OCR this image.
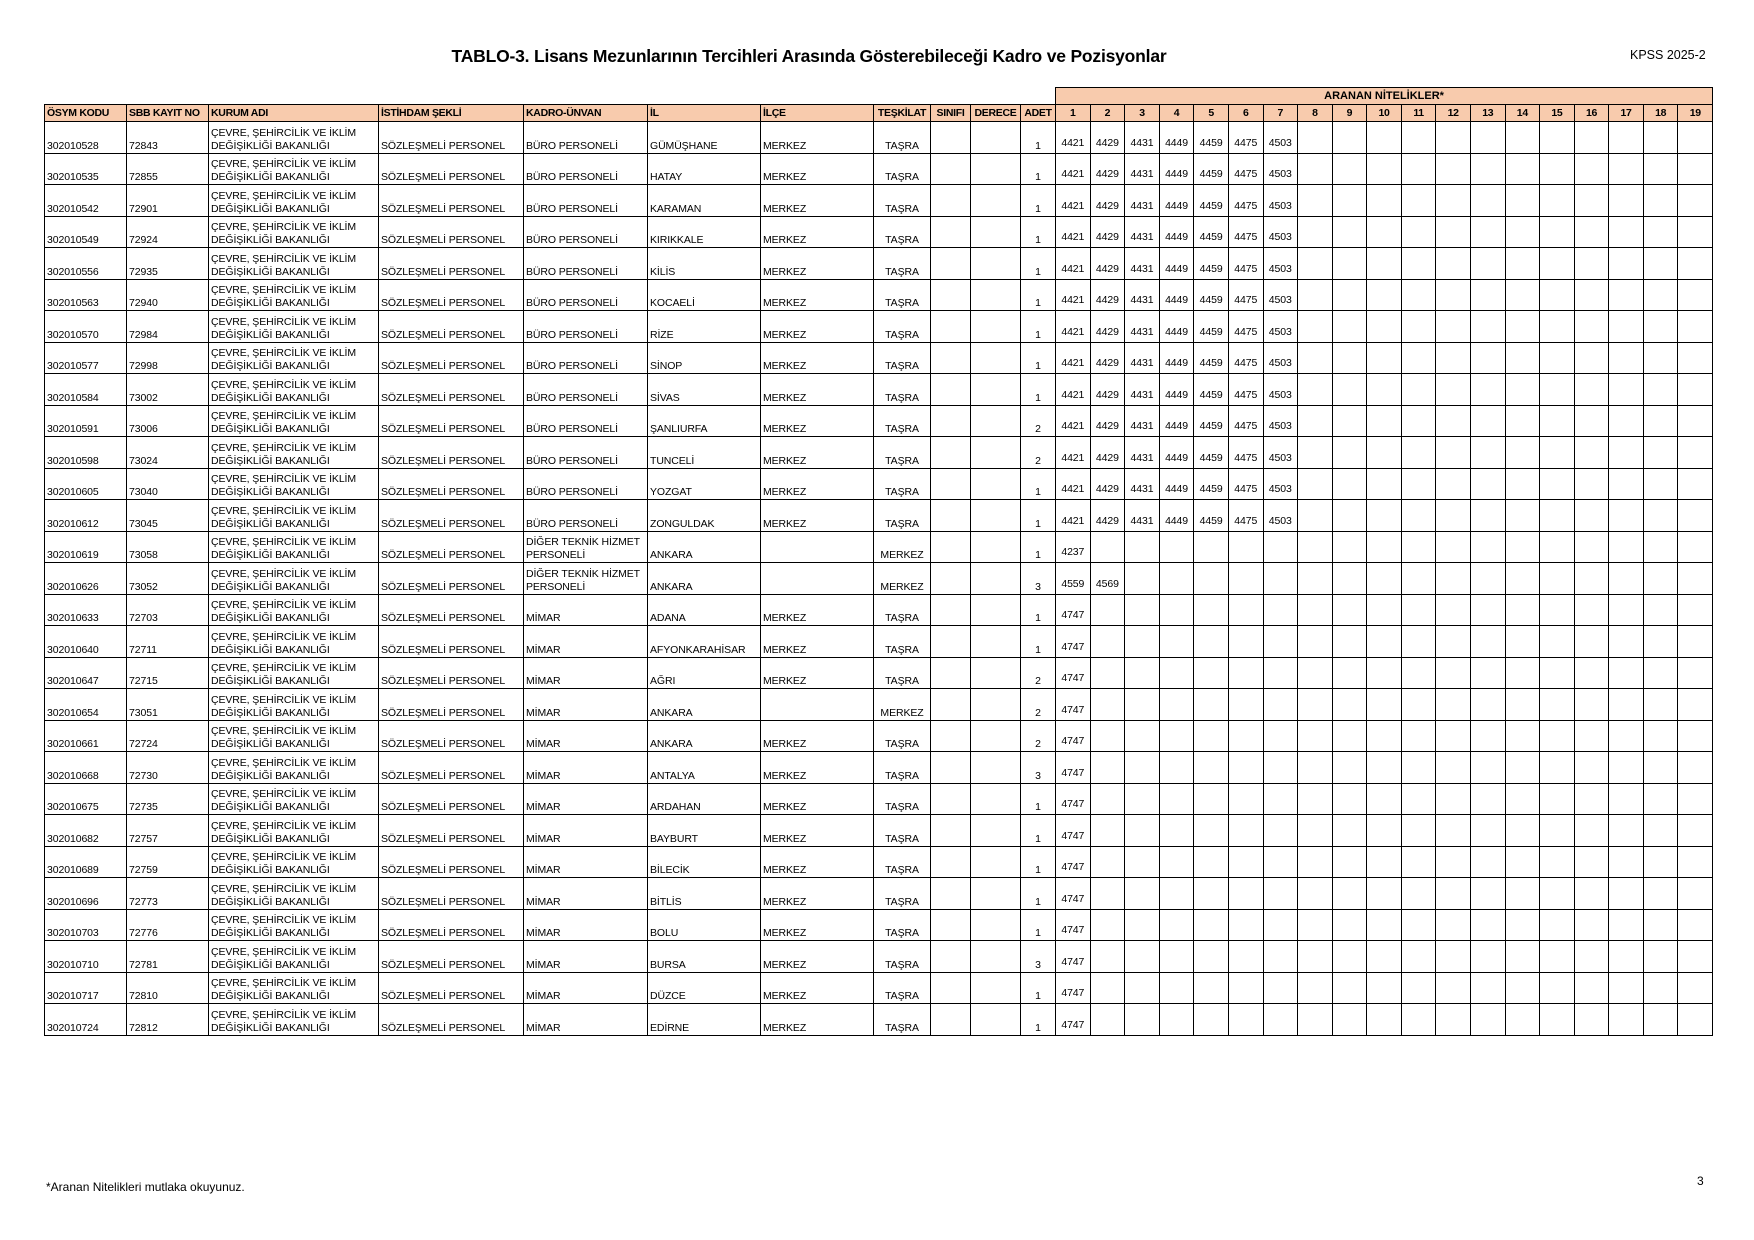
TABLO-3. Lisans Mezunlarının Tercihleri Arasında Gösterebileceği Kadro ve Pozisyonlar	KPSS 2025-2
											ARANAN NİTELİKLER*																		
ÖSYM KODU	SBB KAYIT NO	KURUM ADI	İSTİHDAM ŞEKLİ	KADRO-ÜNVAN	İL	İLÇE	TEŞKİLAT	SINIFI	DERECE	ADET	1	2	3	4	5	6	7	8	9	10	11	12	13	14	15	16	17	18	19
302010528	72843	ÇEVRE, ŞEHİRCİLİK VE İKLİM DEĞİŞİKLİĞİ BAKANLIĞI	SÖZLEŞMELİ PERSONEL	BÜRO PERSONELİ	GÜMÜŞHANE	MERKEZ	TAŞRA			1	4421	4429	4431	4449	4459	4475	4503												
302010535	72855	ÇEVRE, ŞEHİRCİLİK VE İKLİM DEĞİŞİKLİĞİ BAKANLIĞI	SÖZLEŞMELİ PERSONEL	BÜRO PERSONELİ	HATAY	MERKEZ	TAŞRA			1	4421	4429	4431	4449	4459	4475	4503												
302010542	72901	ÇEVRE, ŞEHİRCİLİK VE İKLİM DEĞİŞİKLİĞİ BAKANLIĞI	SÖZLEŞMELİ PERSONEL	BÜRO PERSONELİ	KARAMAN	MERKEZ	TAŞRA			1	4421	4429	4431	4449	4459	4475	4503												
302010549	72924	ÇEVRE, ŞEHİRCİLİK VE İKLİM DEĞİŞİKLİĞİ BAKANLIĞI	SÖZLEŞMELİ PERSONEL	BÜRO PERSONELİ	KIRIKKALE	MERKEZ	TAŞRA			1	4421	4429	4431	4449	4459	4475	4503												
302010556	72935	ÇEVRE, ŞEHİRCİLİK VE İKLİM DEĞİŞİKLİĞİ BAKANLIĞI	SÖZLEŞMELİ PERSONEL	BÜRO PERSONELİ	KİLİS	MERKEZ	TAŞRA			1	4421	4429	4431	4449	4459	4475	4503												
302010563	72940	ÇEVRE, ŞEHİRCİLİK VE İKLİM DEĞİŞİKLİĞİ BAKANLIĞI	SÖZLEŞMELİ PERSONEL	BÜRO PERSONELİ	KOCAELİ	MERKEZ	TAŞRA			1	4421	4429	4431	4449	4459	4475	4503												
302010570	72984	ÇEVRE, ŞEHİRCİLİK VE İKLİM DEĞİŞİKLİĞİ BAKANLIĞI	SÖZLEŞMELİ PERSONEL	BÜRO PERSONELİ	RİZE	MERKEZ	TAŞRA			1	4421	4429	4431	4449	4459	4475	4503												
302010577	72998	ÇEVRE, ŞEHİRCİLİK VE İKLİM DEĞİŞİKLİĞİ BAKANLIĞI	SÖZLEŞMELİ PERSONEL	BÜRO PERSONELİ	SİNOP	MERKEZ	TAŞRA			1	4421	4429	4431	4449	4459	4475	4503												
302010584	73002	ÇEVRE, ŞEHİRCİLİK VE İKLİM DEĞİŞİKLİĞİ BAKANLIĞI	SÖZLEŞMELİ PERSONEL	BÜRO PERSONELİ	SİVAS	MERKEZ	TAŞRA			1	4421	4429	4431	4449	4459	4475	4503												
302010591	73006	ÇEVRE, ŞEHİRCİLİK VE İKLİM DEĞİŞİKLİĞİ BAKANLIĞI	SÖZLEŞMELİ PERSONEL	BÜRO PERSONELİ	ŞANLIURFA	MERKEZ	TAŞRA			2	4421	4429	4431	4449	4459	4475	4503												
302010598	73024	ÇEVRE, ŞEHİRCİLİK VE İKLİM DEĞİŞİKLİĞİ BAKANLIĞI	SÖZLEŞMELİ PERSONEL	BÜRO PERSONELİ	TUNCELİ	MERKEZ	TAŞRA			2	4421	4429	4431	4449	4459	4475	4503												
302010605	73040	ÇEVRE, ŞEHİRCİLİK VE İKLİM DEĞİŞİKLİĞİ BAKANLIĞI	SÖZLEŞMELİ PERSONEL	BÜRO PERSONELİ	YOZGAT	MERKEZ	TAŞRA			1	4421	4429	4431	4449	4459	4475	4503												
302010612	73045	ÇEVRE, ŞEHİRCİLİK VE İKLİM DEĞİŞİKLİĞİ BAKANLIĞI	SÖZLEŞMELİ PERSONEL	BÜRO PERSONELİ	ZONGULDAK	MERKEZ	TAŞRA			1	4421	4429	4431	4449	4459	4475	4503												
302010619	73058	ÇEVRE, ŞEHİRCİLİK VE İKLİM DEĞİŞİKLİĞİ BAKANLIĞI	SÖZLEŞMELİ PERSONEL	DİĞER TEKNİK HİZMET PERSONELİ	ANKARA		MERKEZ			1	4237																		
302010626	73052	ÇEVRE, ŞEHİRCİLİK VE İKLİM DEĞİŞİKLİĞİ BAKANLIĞI	SÖZLEŞMELİ PERSONEL	DİĞER TEKNİK HİZMET PERSONELİ	ANKARA		MERKEZ			3	4559	4569																	
302010633	72703	ÇEVRE, ŞEHİRCİLİK VE İKLİM DEĞİŞİKLİĞİ BAKANLIĞI	SÖZLEŞMELİ PERSONEL	MİMAR	ADANA	MERKEZ	TAŞRA			1	4747																		
302010640	72711	ÇEVRE, ŞEHİRCİLİK VE İKLİM DEĞİŞİKLİĞİ BAKANLIĞI	SÖZLEŞMELİ PERSONEL	MİMAR	AFYONKARAHİSAR	MERKEZ	TAŞRA			1	4747																		
302010647	72715	ÇEVRE, ŞEHİRCİLİK VE İKLİM DEĞİŞİKLİĞİ BAKANLIĞI	SÖZLEŞMELİ PERSONEL	MİMAR	AĞRI	MERKEZ	TAŞRA			2	4747																		
302010654	73051	ÇEVRE, ŞEHİRCİLİK VE İKLİM DEĞİŞİKLİĞİ BAKANLIĞI	SÖZLEŞMELİ PERSONEL	MİMAR	ANKARA		MERKEZ			2	4747																		
302010661	72724	ÇEVRE, ŞEHİRCİLİK VE İKLİM DEĞİŞİKLİĞİ BAKANLIĞI	SÖZLEŞMELİ PERSONEL	MİMAR	ANKARA	MERKEZ	TAŞRA			2	4747																		
302010668	72730	ÇEVRE, ŞEHİRCİLİK VE İKLİM DEĞİŞİKLİĞİ BAKANLIĞI	SÖZLEŞMELİ PERSONEL	MİMAR	ANTALYA	MERKEZ	TAŞRA			3	4747																		
302010675	72735	ÇEVRE, ŞEHİRCİLİK VE İKLİM DEĞİŞİKLİĞİ BAKANLIĞI	SÖZLEŞMELİ PERSONEL	MİMAR	ARDAHAN	MERKEZ	TAŞRA			1	4747																		
302010682	72757	ÇEVRE, ŞEHİRCİLİK VE İKLİM DEĞİŞİKLİĞİ BAKANLIĞI	SÖZLEŞMELİ PERSONEL	MİMAR	BAYBURT	MERKEZ	TAŞRA			1	4747																		
302010689	72759	ÇEVRE, ŞEHİRCİLİK VE İKLİM DEĞİŞİKLİĞİ BAKANLIĞI	SÖZLEŞMELİ PERSONEL	MİMAR	BİLECİK	MERKEZ	TAŞRA			1	4747																		
302010696	72773	ÇEVRE, ŞEHİRCİLİK VE İKLİM DEĞİŞİKLİĞİ BAKANLIĞI	SÖZLEŞMELİ PERSONEL	MİMAR	BİTLİS	MERKEZ	TAŞRA			1	4747																		
302010703	72776	ÇEVRE, ŞEHİRCİLİK VE İKLİM DEĞİŞİKLİĞİ BAKANLIĞI	SÖZLEŞMELİ PERSONEL	MİMAR	BOLU	MERKEZ	TAŞRA			1	4747																		
302010710	72781	ÇEVRE, ŞEHİRCİLİK VE İKLİM DEĞİŞİKLİĞİ BAKANLIĞI	SÖZLEŞMELİ PERSONEL	MİMAR	BURSA	MERKEZ	TAŞRA			3	4747																		
302010717	72810	ÇEVRE, ŞEHİRCİLİK VE İKLİM DEĞİŞİKLİĞİ BAKANLIĞI	SÖZLEŞMELİ PERSONEL	MİMAR	DÜZCE	MERKEZ	TAŞRA			1	4747																		
302010724	72812	ÇEVRE, ŞEHİRCİLİK VE İKLİM DEĞİŞİKLİĞİ BAKANLIĞI	SÖZLEŞMELİ PERSONEL	MİMAR	EDİRNE	MERKEZ	TAŞRA			1	4747																		
*Aranan Nitelikleri mutlaka okuyunuz.	3
